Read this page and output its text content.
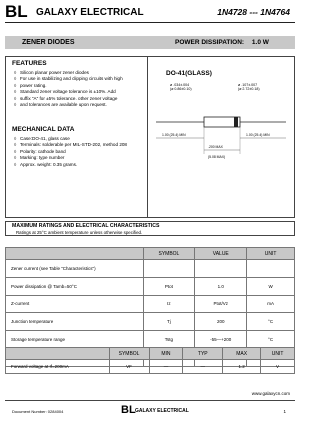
BL GALAXY ELECTRICAL	1N4728 --- 1N4764
ZENER DIODES	POWER DISSIPATION: 1.0 W
FEATURES
◊ Silicon planar power zener diodes
◊ For use in stabilizing and clipping circuits with high
◊ power rating.
◊ Standard zener voltage tolerance is ±10%. Add
◊ suffix "A" for ±5% tolerance. other zener voltage
◊ and tolerances are available upon request.
MECHANICAL DATA
◊ Case:DO-41, glass case
◊ Terminals: solderable per MIL-STD-202, method 208
◊ Polarity: cathode band
◊ Marking: type number
◊ Approx. weight: 0.35 grams.
DO-41(GLASS)
ø .034±.004
(ø 0.86±0.10)
ø .107±.007
(ø 2.72±0.18)
1.00 (25.4) MIN	1.00 (25.4) MIN
.200 MAX
(5.08 MAX)
MAXIMUM RATINGS AND ELECTRICAL CHARACTERISTICS
Ratings at 25°C ambient temperature unless otherwise specified.
	SYMBOL	VALUE	UNIT
Zener current (see Table "Characteristics")			
Power dissipation @ Tamb=50°C	Ptot	1.0	W
Z-current	Iz	Ptot/Vz	mA
Junction temperature	Tj	200	°C
Storage temperature range	Tstg	-55—+200	°C

	SYMBOL	MIN	TYP	MAX	UNIT
Forward voltage at If=200mA	VF	—	—	1.2	V
www.galaxycn.com
Document Number: 0284004	BL GALAXY ELECTRICAL	1
